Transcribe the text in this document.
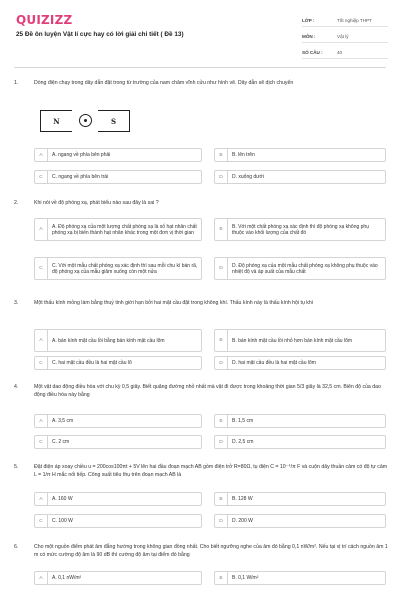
QUIZIZZ
25 Đề ôn luyện Vật lí cực hay có lời giải chi tiết ( Đề 13)
LỚP :	Tốt nghiệp THPT
MÔN :	Vật lý
SỐ CÂU :	40
1.	Dòng điện chạy trong dây dẫn đặt trong từ trường của nam châm vĩnh cửu như hình vẽ. Dây dẫn sẽ dịch chuyển
N	S
A	A. ngang về phía bên phải	B	B. lên trên
C	C. ngang về phía bên trái	D	D. xuống dưới
2.	Khi nói về độ phóng xạ, phát biểu nào sau đây là sai ?
A
A. Độ phóng xạ của một lượng chất phóng xạ là số hạt nhân chất phóng xạ bị biến thành hạt nhân khác trong một đơn vị thời gian	B
B. Với một chất phóng xạ xác định thì độ phóng xạ không phụ thuộc vào khối lượng của chất đó
C
C. Với một mẫu chất phóng xạ xác định thì sau mỗi chu kì bán rã, độ phóng xạ của mẫu giảm xuống còn một nửa	D
D. Độ phóng xạ của một mẫu chất phóng xạ không phụ thuộc vào nhiệt độ và áp suất của mẫu chất
3.	Một thấu kính mỏng làm bằng thuỷ tinh giới hạn bởi hai mặt cầu đặt trong không khí. Thấu kính này là thấu kính hội tụ khi
A	A. bán kính mặt cầu lồi bằng bán kính mặt cầu lõm	B	B. bán kính mặt cầu lồi nhỏ hơn bán kính mặt cầu lõm
C	C. hai mặt cầu đều là hai mặt cầu lõ	D	D. hai mặt cầu đều là hai mặt cầu lõm
4.	Một vật dao động điều hòa với chu kỳ 0,5 giây. Biết quãng đường nhỏ nhất mà vật đi được trong khoảng thời gian 5/3 giây là 32,5 cm. Biên độ của dao động điều hòa này bằng
A	A. 3,5 cm	B	B. 1,5 cm
C	C. 2 cm	D	D. 2,5 cm
5.	Đặt điện áp xoay chiều u = 200cos100πt + 5V lên hai đầu đoạn mạch AB gồm điện trở R=80Ω, tụ điện C = 10⁻⁴/π F và cuộn dây thuần cảm có độ tự cảm L = 1/π H mắc nối tiếp. Công suất tiêu thụ trên đoạn mạch AB là
A	A. 160 W	B	B. 128 W
C	C. 100 W	D	D. 200 W
6.	Cho một nguồn điểm phát âm đẳng hướng trong không gian đồng nhất. Cho biết ngưỡng nghe của âm đó bằng 0,1 nW/m². Nếu tại vị trí cách nguồn âm 1 m có mức cường độ âm là 90 dB thì cường độ âm tại điểm đó bằng
A	A. 0,1 nW/m²	B	B. 0,1 W/m²
